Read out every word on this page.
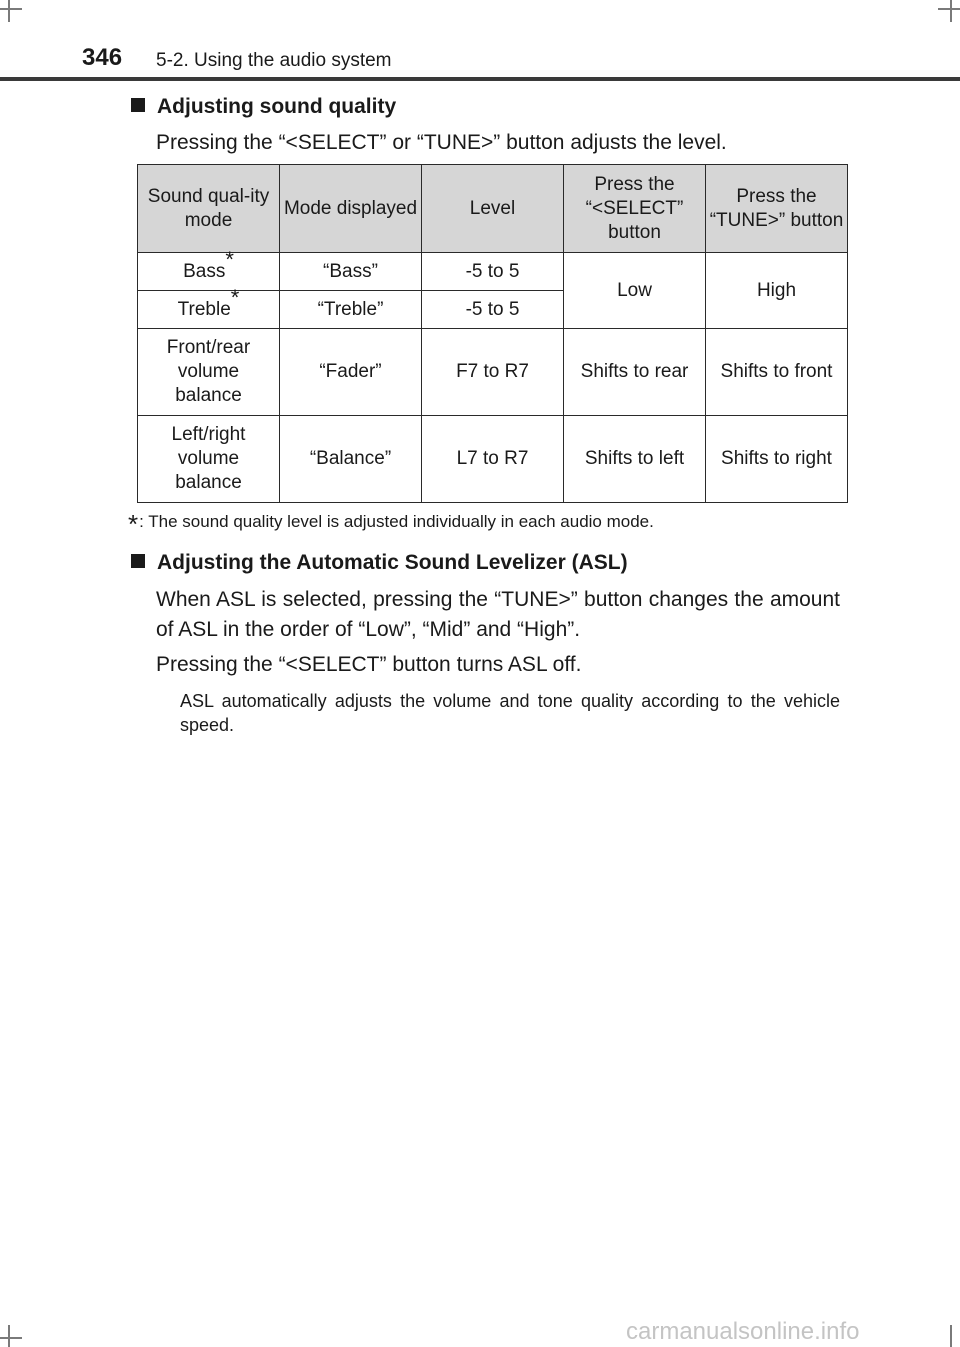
346 5-2. Using the audio system
Adjusting sound quality
Pressing the “<SELECT” or “TUNE>” button adjusts the level.
Sound qual-ity mode	Mode displayed	Level	Press the “<SELECT” button	Press the “TUNE>” button
Bass*	“Bass”	-5 to 5	Low	High
Treble*	“Treble”	-5 to 5		
Front/rear volume balance	“Fader”	F7 to R7	Shifts to rear	Shifts to front
Left/right volume balance	“Balance”	L7 to R7	Shifts to left	Shifts to right
*: The sound quality level is adjusted individually in each audio mode.
Adjusting the Automatic Sound Levelizer (ASL)
When ASL is selected, pressing the “TUNE>” button changes the amount of ASL in the order of “Low”, “Mid” and “High”.
Pressing the “<SELECT” button turns ASL off.
ASL automatically adjusts the volume and tone quality according to the vehicle speed.
carmanualsonline.info
